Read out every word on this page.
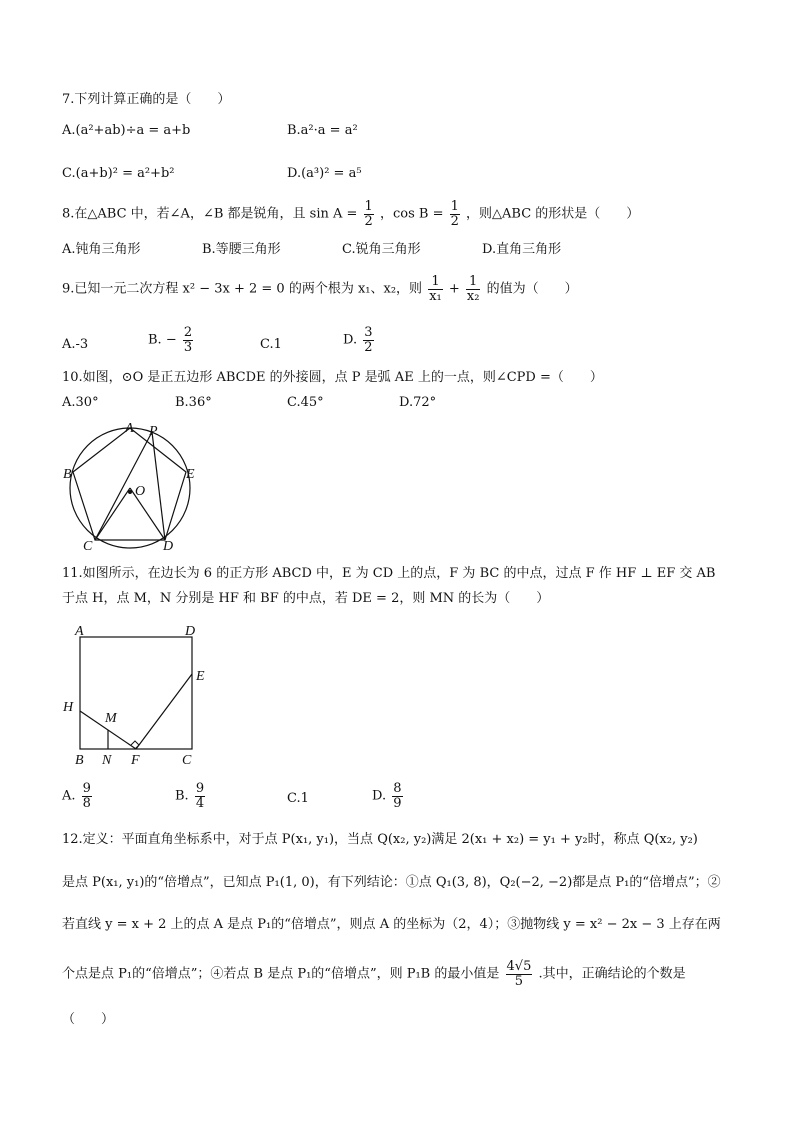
7.下列计算正确的是（　　）
A.(a²+ab)÷a = a+b	B.a²·a = a²
C.(a+b)² = a²+b²	D.(a³)² = a⁵
8.在△ABC 中，若∠A，∠B 都是锐角，且 $\sin A = \frac{1}{2}$ ，$\cos B = \frac{1}{2}$ ，则△ABC 的形状是（　　）
A.钝角三角形	B.等腰三角形	C.锐角三角形	D.直角三角形
9.已知一元二次方程 x² − 3x + 2 = 0 的两个根为 x₁、x₂，则 $\frac{1}{\text{x₁}} + \frac{1}{\text{x₂}}$ 的值为（　　）
A.-3	B. − $\frac{2}{3}$	C.1	D. $\frac{3}{2}$
10.如图，⊙O 是正五边形 ABCDE 的外接圆，点 P 是弧 AE 上的一点，则∠CPD =（　　）
A.30°	B.36°	C.45°	D.72°
A P
B	E
O
C	D
11.如图所示，在边长为 6 的正方形 ABCD 中，E 为 CD 上的点，F 为 BC 的中点，过点 F 作 HF ⊥ EF 交 AB
于点 H，点 M，N 分别是 HF 和 BF 的中点，若 DE = 2，则 MN 的长为（　　）
A	D
E
H
M
B N F	C
A. $\frac{9}{8}$	B. $\frac{9}{4}$	C.1	D. $\frac{8}{9}$
12.定义：平面直角坐标系中，对于点 P(x₁, y₁)，当点 Q(x₂, y₂)满足 2(x₁ + x₂) = y₁ + y₂时，称点 Q(x₂, y₂)
是点 P(x₁, y₁)的“倍增点”，已知点 P₁(1, 0)，有下列结论：①点 Q₁(3, 8)，Q₂(−2, −2)都是点 P₁的“倍增点”；②
若直线 y = x + 2 上的点 A 是点 P₁的“倍增点”，则点 A 的坐标为（2，4）；③抛物线 y = x² − 2x − 3 上存在两
个点是点 P₁的“倍增点”；④若点 B 是点 P₁的“倍增点”，则 P₁B 的最小值是 $\frac{4√5}{5}$ .其中，正确结论的个数是
（　　）
